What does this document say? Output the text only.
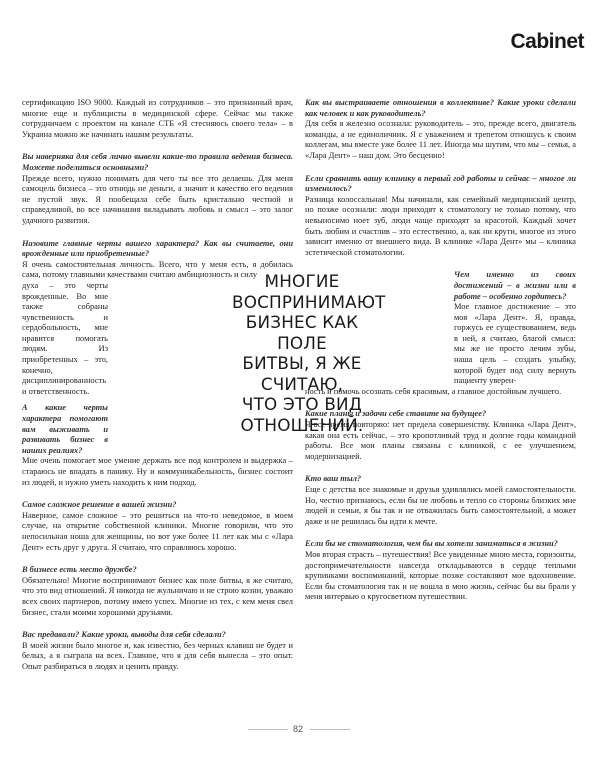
Cabinet

сертификацию ISO 9000. Каждый из сотрудников – это признанный врач, многие еще и публицисты в медицинской сфере. Сейчас мы также сотрудничаем с проектом на канале СТБ «Я стесняюсь своего тела» – в Украина можно же начинать нашим результаты.

Вы наверняка для себя лично вывели какие-то правила ведения бизнеса. Можете поделиться основными?

Прежде всего, нужно понимать для чего ты все это делаешь. Для меня самоцель бизнеса – это отнюдь не деньги, а значит и качество его ведения не пустой звук. Я пообещала себе быть кристально честной и справедливой, во все начинания вкладывать любовь и смысл – это залог удачного развития.

Назовите главные черты вашего характера? Как вы считаете, они врожденные или приобретенные?

Я очень самостоятельная личность. Всего, что у меня есть, я добилась сама, потому главными качествами считаю амбициозность и силу

духа – это черты врожденные. Во мне также собраны чувственность и сердобольность, мне нравится помогать людям. Из приобретенных – это, конечно, дисциплинированность и ответственность.

А какие черты характера помогают вам выживать и развивать бизнес в наших реалиях?

Мне очень помогает мое умение держать все под контролем и выдержка – стараюсь не впадать в панику. Ну и коммуникабельность, бизнес состоит из людей, и нужно уметь находить к ним подход.

Самое сложное решение в вашей жизни?

Наверное, самое сложное – это решиться на что-то неведомое, в моем случае, на открытие собственной клиники. Многие говорили, что это непосильная ноша для женщины, но вот уже более 11 лет как мы с «Лара Дент» есть друг у друга. Я считаю, что справляюсь хорошо.

В бизнесе есть место дружбе?

Обязательно! Многие воспринимают бизнес как поле битвы, я же считаю, что это вид отношений. Я никогда не жульничаю и не строю козни, уважаю всех своих партнеров, потому имею успех. Многие из тех, с кем меня свел бизнес, стали моими хорошими друзьями.

Вас предавали? Какие уроки, выводы для себя сделали?

В моей жизни было многое и, как известно, без черных клавиш не будет и белых, а я сыграла на всех. Главное, что я для себя вынесла – это опыт. Опыт разбираться в людях и ценить правду.

МНОГИЕ
ВОСПРИНИМАЮТ
БИЗНЕС КАК ПОЛЕ
БИТВЫ, Я ЖЕ СЧИТАЮ,
ЧТО ЭТО ВИД
ОТНОШЕНИЙ.

Как вы выстраиваете отношения в коллективе? Какие уроки сделали как человек и как руководитель?

Для себя я железно осознала: руководитель – это, прежде всего, двигатель команды, а не единоличник. Я с уважением и трепетом отношусь к своим коллегам, мы вместе уже более 11 лет. Иногда мы шутим, что мы – семья, а «Лара Дент» – наш дом. Это бесценно!

Если сравнить вашу клинику в первый год работы и сейчас – многое ли изменилось?

Разница колоссальная! Мы начинали, как семейный медицинский центр, но позже осознали: люди приходят к стоматологу не только потому, что невыносимо ноет зуб, люди чаще приходят за красотой. Каждый хочет быть любим и счастлив – это естественно, а, как ни крути, многое из этого зависит именно от внешнего вида. В клинике «Лара Дент» мы – клиника эстетической стоматологии.

Чем именно из своих достижений – в жизни или в работе – особенно гордитесь?

Мое главное достижение – это моя «Лара Дент». Я, правда, горжусь ее существованием, ведь в ней, я считаю, благой смысл: мы же не просто лечим зубы, наша цель – создать улыбку, которой будет под силу вернуть пациенту уверен-

ность и помочь осознать себя красивым, а главное достойным лучшего.

Какие планы и задачи себе ставите на будущее?

Я все время повторяю: нет предела совершенству. Клиника «Лара Дент», какая она есть сейчас, – это кропотливый труд и долгие годы командной работы. Все мои планы связаны с клиникой, с ее улучшением, модернизацией.

Кто ваш тыл?

Еще с детства все знакомые и друзья удивлялись моей самостоятельности. Но, честно признаюсь, если бы не любовь и тепло со стороны близких мне людей и семьи, я бы так и не отважилась быть самостоятельной, а может даже и не решилась бы идти к мечте.

Если бы не стоматология, чем бы вы хотели заниматься в жизни?

Моя вторая страсть – путешествия! Все увиденные мною места, горизонты, достопримечательности навсегда откладываются в сердце теплыми крупинками воспоминаний, которые позже составляют мое вдохновение. Если бы стоматология так и не вошла в мою жизнь, сейчас бы вы брали у меня интервью о кругосветном путешествии.

82
